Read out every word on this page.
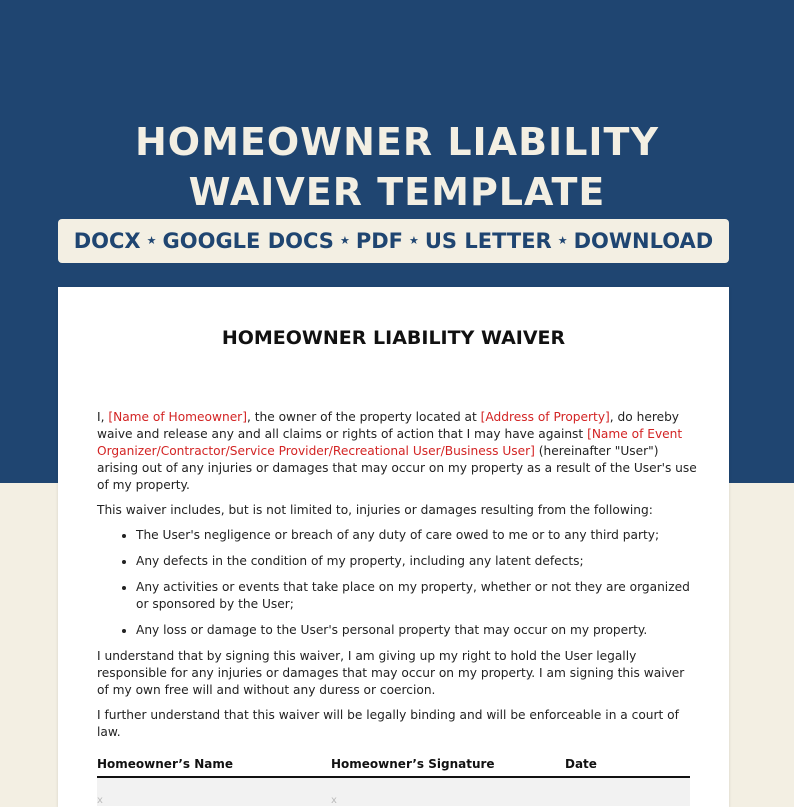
HOMEOWNER LIABILITY
WAIVER TEMPLATE
DOCX ★ GOOGLE DOCS ★ PDF ★ US LETTER ★ DOWNLOAD
HOMEOWNER LIABILITY WAIVER

I, [Name of Homeowner], the owner of the property located at [Address of Property], do hereby waive and release any and all claims or rights of action that I may have against [Name of Event Organizer/Contractor/Service Provider/Recreational User/Business User] (hereinafter "User") arising out of any injuries or damages that may occur on my property as a result of the User's use of my property.

This waiver includes, but is not limited to, injuries or damages resulting from the following:

• The User's negligence or breach of any duty of care owed to me or to any third party;
• Any defects in the condition of my property, including any latent defects;
• Any activities or events that take place on my property, whether or not they are organized or sponsored by the User;
• Any loss or damage to the User's personal property that may occur on my property.

I understand that by signing this waiver, I am giving up my right to hold the User legally responsible for any injuries or damages that may occur on my property. I am signing this waiver of my own free will and without any duress or coercion.

I further understand that this waiver will be legally binding and will be enforceable in a court of law.

Homeowner’s Name	Homeowner’s Signature	Date
x	x
